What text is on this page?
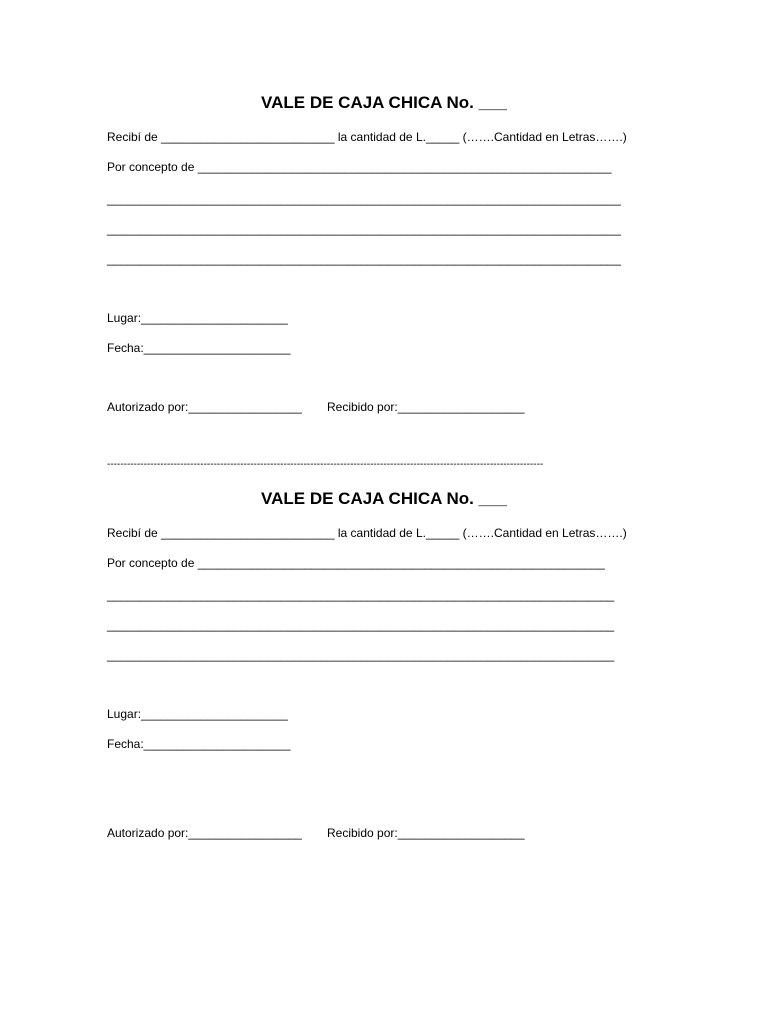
VALE DE CAJA CHICA No. ___
Recibí de __________________________ la cantidad de L._____ (…….Cantidad en Letras…….)
Por concepto de ______________________________________________________________
_____________________________________________________________________________
_____________________________________________________________________________
_____________________________________________________________________________
Lugar:______________________
Fecha:______________________
Autorizado por:_________________ Recibido por:___________________
-----------------------------------------------------------------------------------------------------------------------------------
VALE DE CAJA CHICA No. ___
Recibí de __________________________ la cantidad de L._____ (…….Cantidad en Letras…….)
Por concepto de _____________________________________________________________
____________________________________________________________________________
____________________________________________________________________________
____________________________________________________________________________
Lugar:______________________
Fecha:______________________
Autorizado por:_________________ Recibido por:___________________
